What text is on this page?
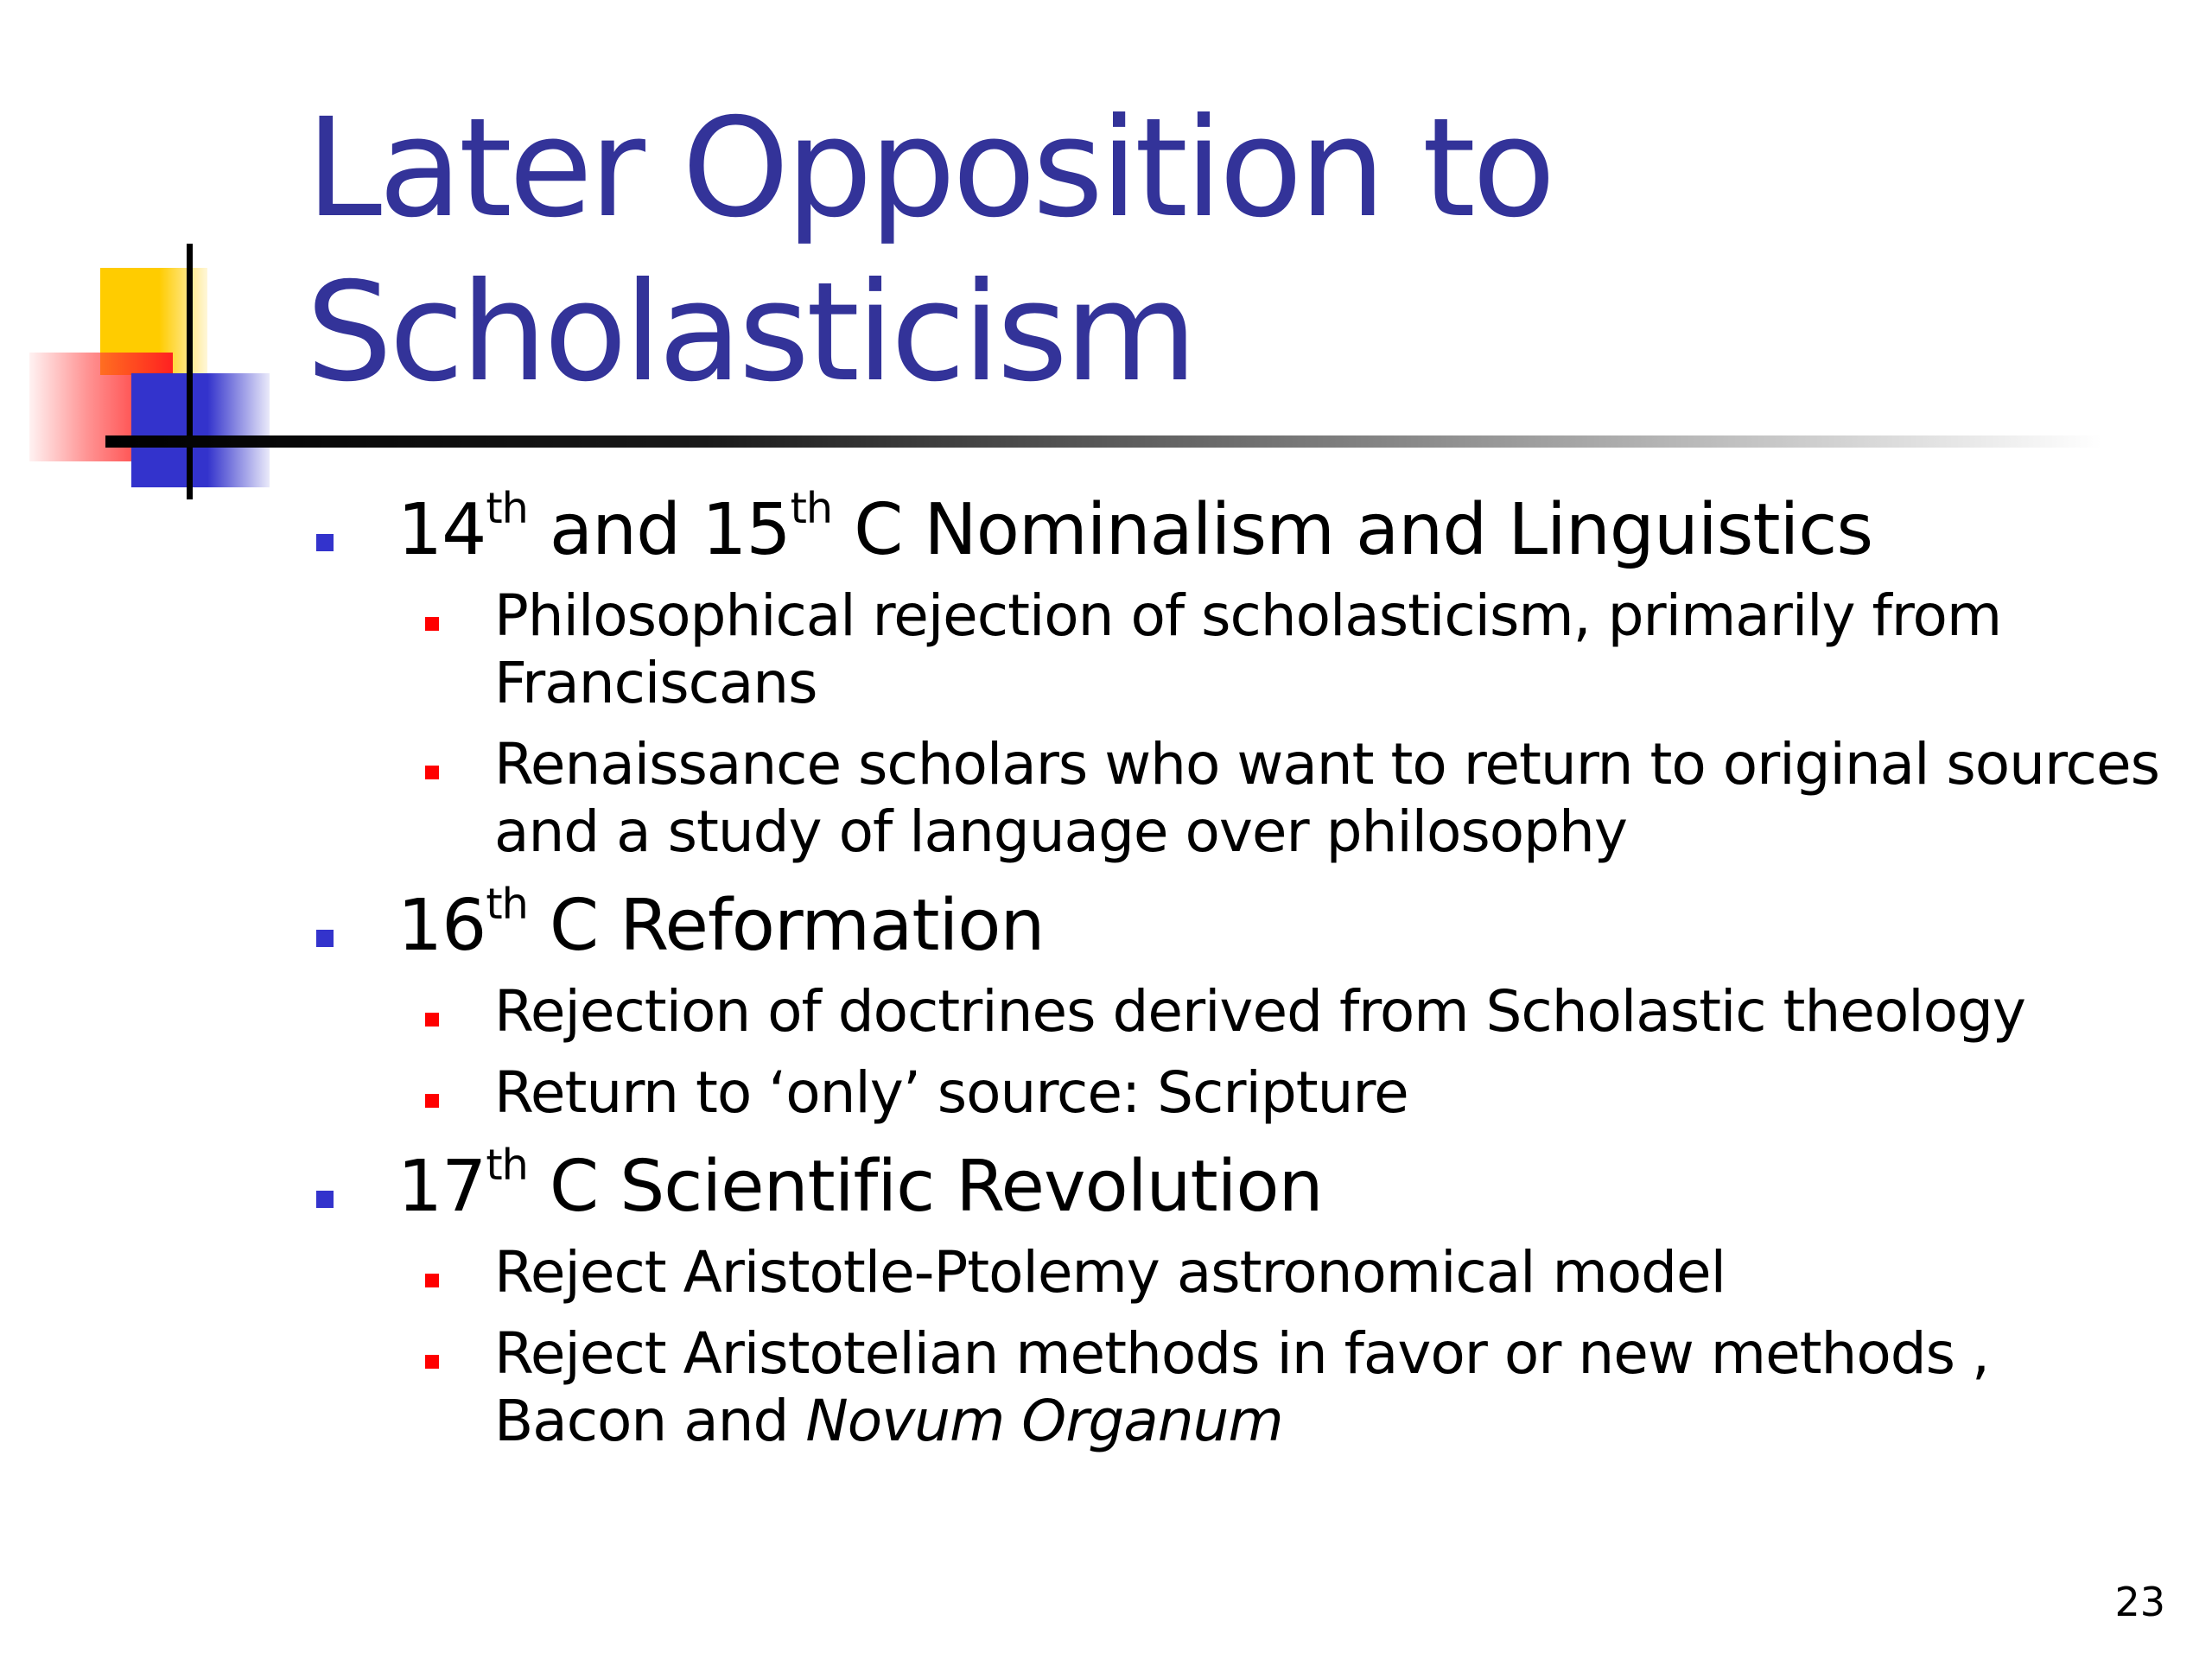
Later Opposition to Scholasticism
14th and 15th C Nominalism and Linguistics
Philosophical rejection of scholasticism, primarily from Franciscans
Renaissance scholars who want to return to original sources and a study of language over philosophy
16th C Reformation
Rejection of doctrines derived from Scholastic theology
Return to ‘only’ source: Scripture
17th C Scientific Revolution
Reject Aristotle-Ptolemy astronomical model
Reject Aristotelian methods in favor or new methods , Bacon and Novum Organum
23
